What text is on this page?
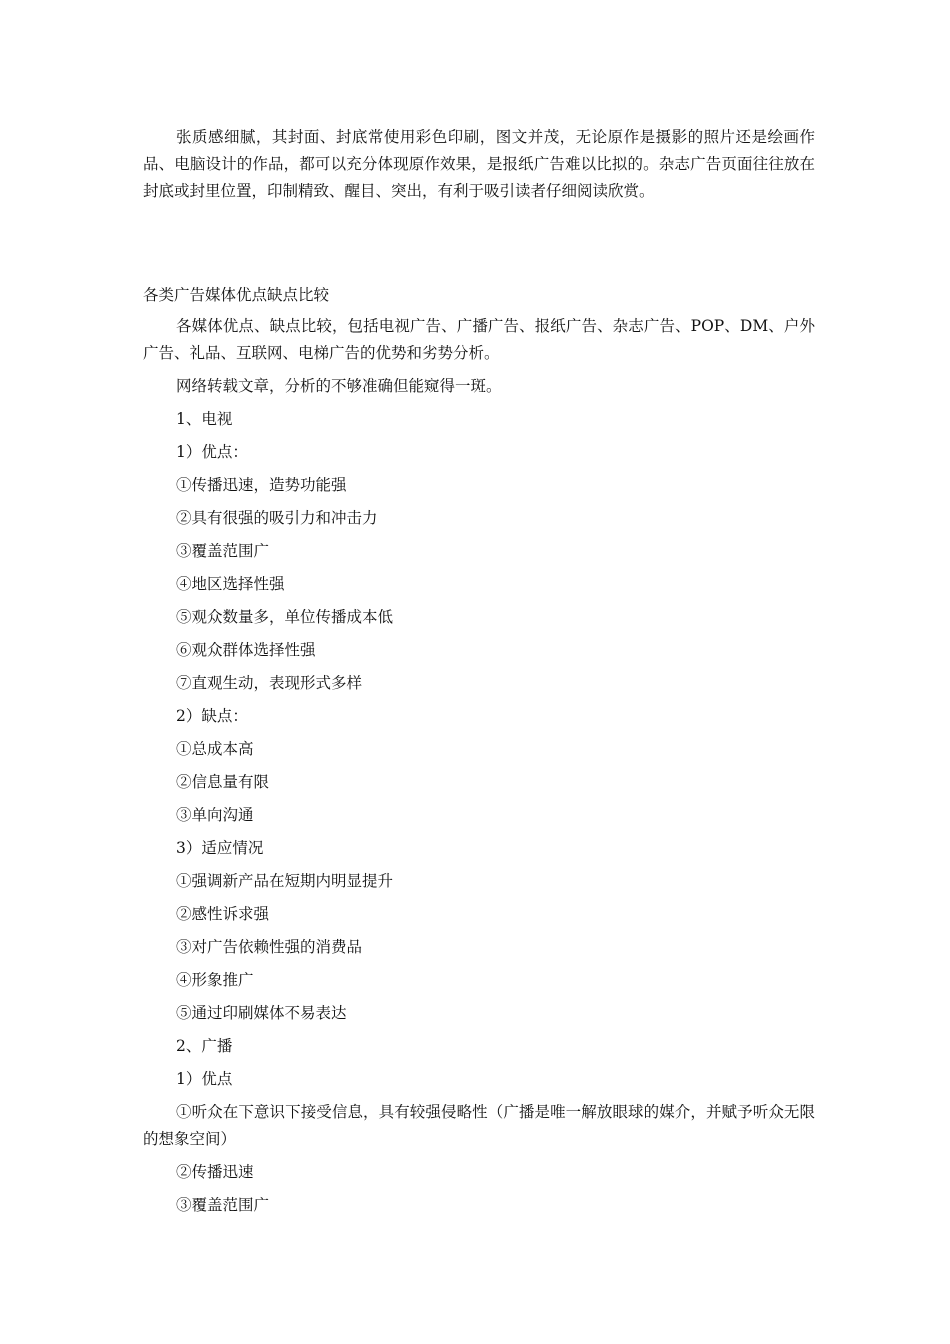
张质感细腻，其封面、封底常使用彩色印刷，图文并茂，无论原作是摄影的照片还是绘画作品、电脑设计的作品，都可以充分体现原作效果，是报纸广告难以比拟的。杂志广告页面往往放在封底或封里位置，印制精致、醒目、突出，有利于吸引读者仔细阅读欣赏。

各类广告媒体优点缺点比较

各媒体优点、缺点比较，包括电视广告、广播广告、报纸广告、杂志广告、POP、DM、户外广告、礼品、互联网、电梯广告的优势和劣势分析。

网络转载文章，分析的不够准确但能窥得一斑。

1、电视

1）优点：

①传播迅速，造势功能强

②具有很强的吸引力和冲击力

③覆盖范围广

④地区选择性强

⑤观众数量多，单位传播成本低

⑥观众群体选择性强

⑦直观生动，表现形式多样

2）缺点：

①总成本高

②信息量有限

③单向沟通

3）适应情况

①强调新产品在短期内明显提升

②感性诉求强

③对广告依赖性强的消费品

④形象推广

⑤通过印刷媒体不易表达

2、广播

1）优点

①听众在下意识下接受信息，具有较强侵略性（广播是唯一解放眼球的媒介，并赋予听众无限的想象空间）

②传播迅速

③覆盖范围广
